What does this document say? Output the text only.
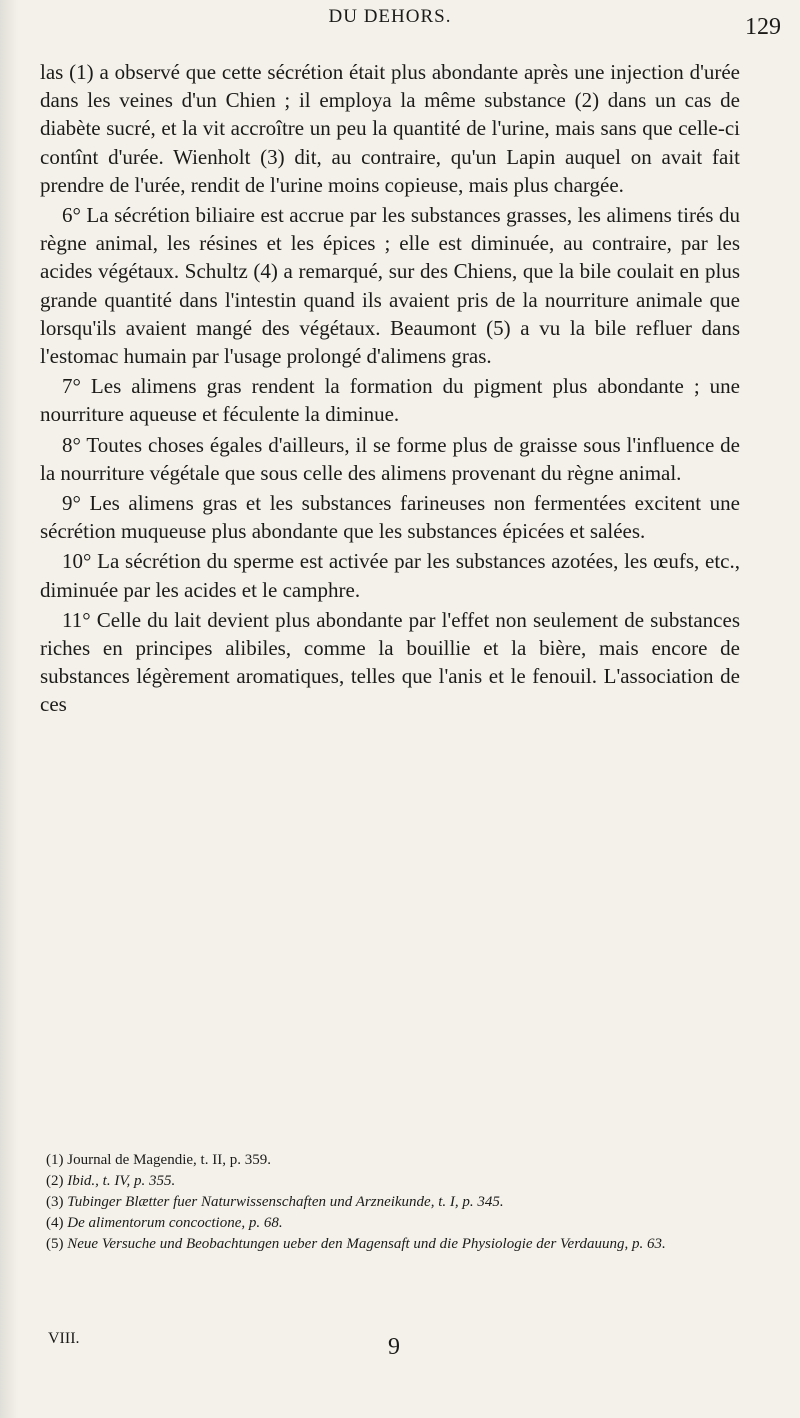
DU DEHORS.	129

las (1) a observé que cette sécrétion était plus abondante après une injection d'urée dans les veines d'un Chien ; il employa la même substance (2) dans un cas de diabète sucré, et la vit accroître un peu la quantité de l'urine, mais sans que celle-ci contînt d'urée. Wienholt (3) dit, au contraire, qu'un Lapin auquel on avait fait prendre de l'urée, rendit de l'urine moins copieuse, mais plus chargée.

6° La sécrétion biliaire est accrue par les substances grasses, les alimens tirés du règne animal, les résines et les épices ; elle est diminuée, au contraire, par les acides végétaux. Schultz (4) a remarqué, sur des Chiens, que la bile coulait en plus grande quantité dans l'intestin quand ils avaient pris de la nourriture animale que lorsqu'ils avaient mangé des végétaux. Beaumont (5) a vu la bile refluer dans l'estomac humain par l'usage prolongé d'alimens gras.

7° Les alimens gras rendent la formation du pigment plus abondante ; une nourriture aqueuse et féculente la diminue.

8° Toutes choses égales d'ailleurs, il se forme plus de graisse sous l'influence de la nourriture végétale que sous celle des alimens provenant du règne animal.

9° Les alimens gras et les substances farineuses non fermentées excitent une sécrétion muqueuse plus abondante que les substances épicées et salées.

10° La sécrétion du sperme est activée par les substances azotées, les œufs, etc., diminuée par les acides et le camphre.

11° Celle du lait devient plus abondante par l'effet non seulement de substances riches en principes alibiles, comme la bouillie et la bière, mais encore de substances légèrement aromatiques, telles que l'anis et le fenouil. L'association de ces

(1) Journal de Magendie, t. II, p. 359.

(2) Ibid., t. IV, p. 355.

(3) Tubinger Blætter fuer Naturwissenschaften und Arzneikunde, t. I, p. 345.

(4) De alimentorum concoctione, p. 68.

(5) Neue Versuche und Beobachtungen ueber den Magensaft und die Physiologie der Verdauung, p. 63.

VIII.	9
